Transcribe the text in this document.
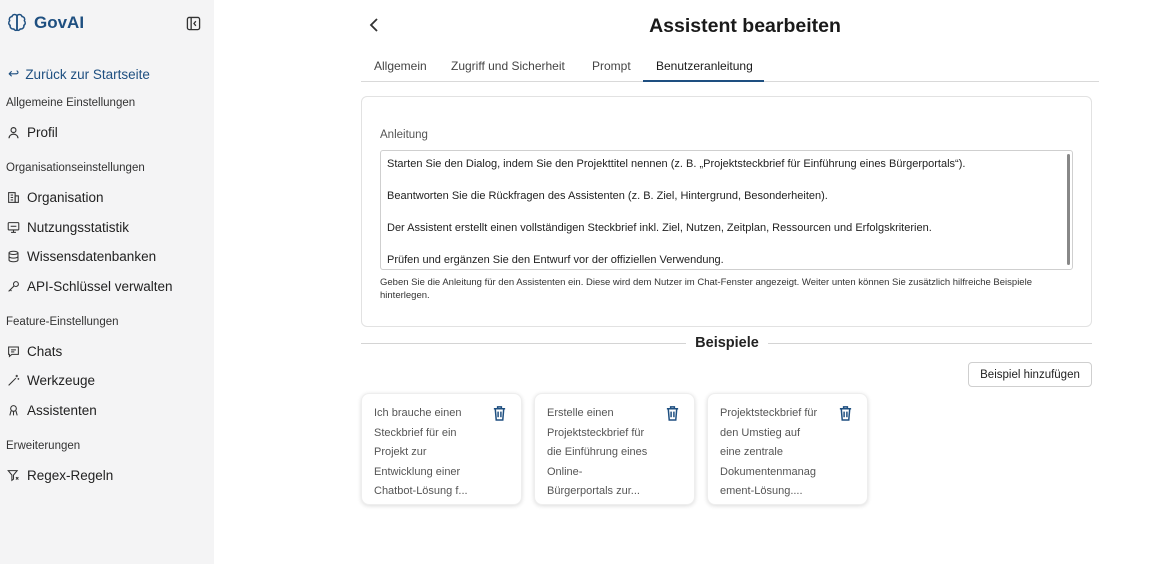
GovAI
↩ Zurück zur Startseite
Allgemeine Einstellungen
Profil
Organisationseinstellungen
Organisation
Nutzungsstatistik
Wissensdatenbanken
API-Schlüssel verwalten
Feature-Einstellungen
Chats
Werkzeuge
Assistenten
Erweiterungen
Regex-Regeln
Assistent bearbeiten
Allgemein Zugriff und Sicherheit Prompt Benutzeranleitung
Anleitung

Starten Sie den Dialog, indem Sie den Projekttitel nennen (z. B. „Projektsteckbrief für Einführung eines Bürgerportals“).

Beantworten Sie die Rückfragen des Assistenten (z. B. Ziel, Hintergrund, Besonderheiten).

Der Assistent erstellt einen vollständigen Steckbrief inkl. Ziel, Nutzen, Zeitplan, Ressourcen und Erfolgskriterien.

Prüfen und ergänzen Sie den Entwurf vor der offiziellen Verwendung.

Geben Sie die Anleitung für den Assistenten ein. Diese wird dem Nutzer im Chat-Fenster angezeigt. Weiter unten können Sie zusätzlich hilfreiche Beispiele hinterlegen.
Beispiele
Beispiel hinzufügen
Ich brauche einen
Steckbrief für ein
Projekt zur
Entwicklung einer
Chatbot-Lösung f...
Erstelle einen
Projektsteckbrief für
die Einführung eines
Online-
Bürgerportals zur...
Projektsteckbrief für
den Umstieg auf
eine zentrale
Dokumentenmanag
ement-Lösung....
